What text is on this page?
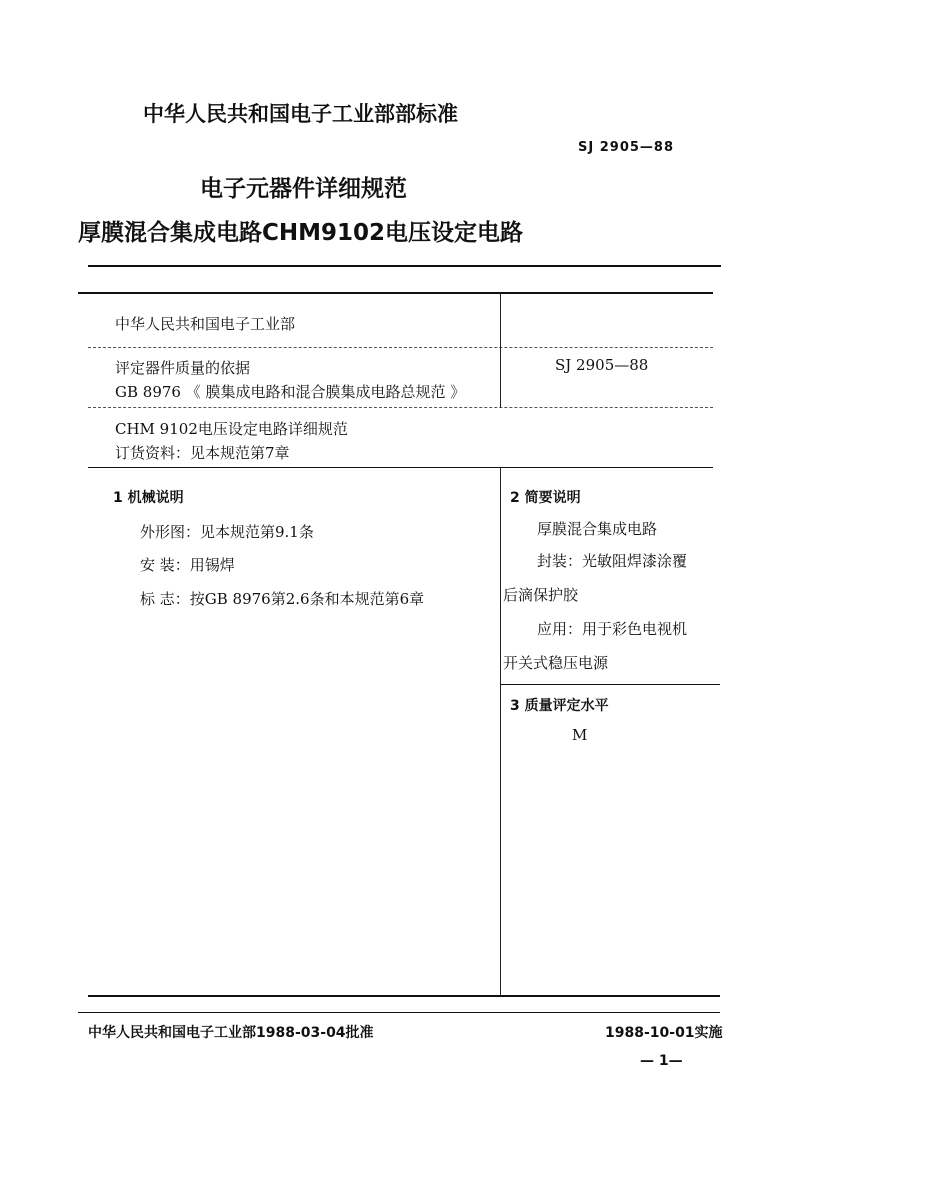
中华人民共和国电子工业部部标准
SJ 2905—88
电子元器件详细规范
厚膜混合集成电路CHM9102电压设定电路
中华人民共和国电子工业部
评定器件质量的依据
GB 8976 《 膜集成电路和混合膜集成电路总规范 》
SJ 2905—88
CHM 9102电压设定电路详细规范
订货资料：见本规范第7章
1 机械说明
外形图：见本规范第9.1条
安 装：用锡焊
标 志：按GB 8976第2.6条和本规范第6章
2 简要说明
厚膜混合集成电路
封装：光敏阻焊漆涂覆
后滴保护胶
应用：用于彩色电视机
开关式稳压电源
3 质量评定水平
M
中华人民共和国电子工业部1988-03-04批准	1988-10-01实施
— 1—
